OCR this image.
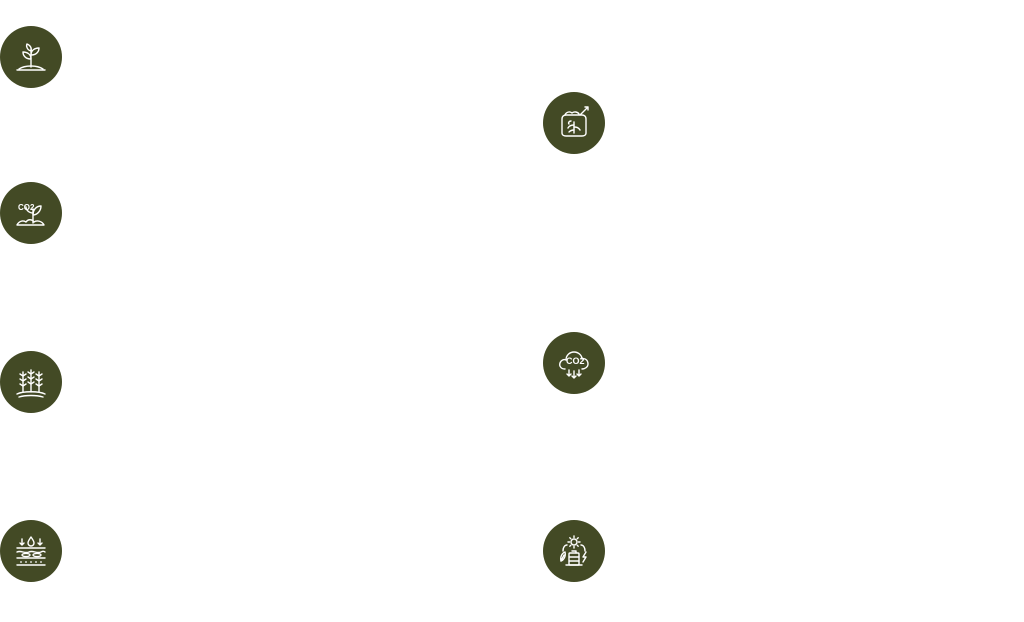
CO2
CO2
